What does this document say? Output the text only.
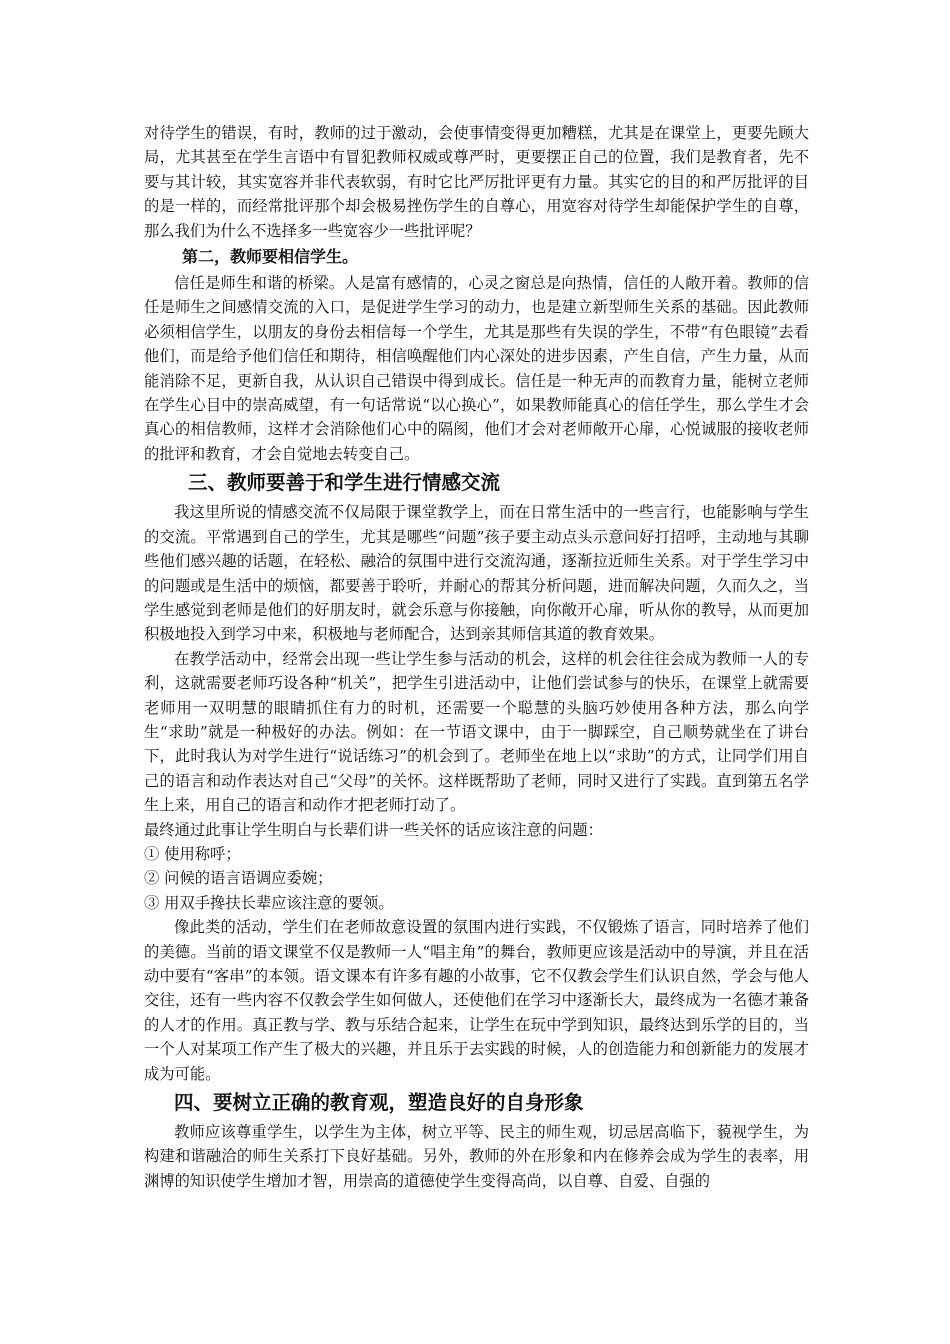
对待学生的错误，有时，教师的过于激动，会使事情变得更加糟糕，尤其是在课堂上，更要先顾大局，尤其甚至在学生言语中有冒犯教师权威或尊严时，更要摆正自己的位置，我们是教育者，先不要与其计较，其实宽容并非代表软弱，有时它比严厉批评更有力量。其实它的目的和严厉批评的目的是一样的，而经常批评那个却会极易挫伤学生的自尊心，用宽容对待学生却能保护学生的自尊，那么我们为什么不选择多一些宽容少一些批评呢？

第二，教师要相信学生。

信任是师生和谐的桥梁。人是富有感情的，心灵之窗总是向热情，信任的人敞开着。教师的信任是师生之间感情交流的入口，是促进学生学习的动力，也是建立新型师生关系的基础。因此教师必须相信学生，以朋友的身份去相信每一个学生，尤其是那些有失误的学生，不带“有色眼镜”去看他们，而是给予他们信任和期待，相信唤醒他们内心深处的进步因素，产生自信，产生力量，从而能消除不足，更新自我，从认识自己错误中得到成长。信任是一种无声的而教育力量，能树立老师在学生心目中的崇高威望，有一句话常说“以心换心”，如果教师能真心的信任学生，那么学生才会真心的相信教师，这样才会消除他们心中的隔阂，他们才会对老师敞开心扉，心悦诚服的接收老师的批评和教育，才会自觉地去转变自己。

三、教师要善于和学生进行情感交流

我这里所说的情感交流不仅局限于课堂教学上，而在日常生活中的一些言行，也能影响与学生的交流。平常遇到自己的学生，尤其是哪些“问题”孩子要主动点头示意问好打招呼，主动地与其聊些他们感兴趣的话题，在轻松、融洽的氛围中进行交流沟通，逐渐拉近师生关系。对于学生学习中的问题或是生活中的烦恼，都要善于聆听，并耐心的帮其分析问题，进而解决问题，久而久之，当学生感觉到老师是他们的好朋友时，就会乐意与你接触，向你敞开心扉，听从你的教导，从而更加积极地投入到学习中来，积极地与老师配合，达到亲其师信其道的教育效果。

在教学活动中，经常会出现一些让学生参与活动的机会，这样的机会往往会成为教师一人的专利，这就需要老师巧设各种“机关”，把学生引进活动中，让他们尝试参与的快乐，在课堂上就需要老师用一双明慧的眼睛抓住有力的时机，还需要一个聪慧的头脑巧妙使用各种方法，那么向学生“求助”就是一种极好的办法。例如：在一节语文课中，由于一脚踩空，自己顺势就坐在了讲台下，此时我认为对学生进行“说话练习”的机会到了。老师坐在地上以“求助”的方式，让同学们用自己的语言和动作表达对自己“父母”的关怀。这样既帮助了老师，同时又进行了实践。直到第五名学生上来，用自己的语言和动作才把老师打动了。

最终通过此事让学生明白与长辈们讲一些关怀的话应该注意的问题：

① 使用称呼；

② 问候的语言语调应委婉；

③ 用双手搀扶长辈应该注意的要领。

像此类的活动，学生们在老师故意设置的氛围内进行实践，不仅锻炼了语言，同时培养了他们的美德。当前的语文课堂不仅是教师一人“唱主角”的舞台，教师更应该是活动中的导演，并且在活动中要有“客串”的本领。语文课本有许多有趣的小故事，它不仅教会学生们认识自然，学会与他人交往，还有一些内容不仅教会学生如何做人，还使他们在学习中逐渐长大，最终成为一名德才兼备的人才的作用。真正教与学、教与乐结合起来，让学生在玩中学到知识，最终达到乐学的目的，当一个人对某项工作产生了极大的兴趣，并且乐于去实践的时候，人的创造能力和创新能力的发展才成为可能。

四、要树立正确的教育观，塑造良好的自身形象

教师应该尊重学生，以学生为主体，树立平等、民主的师生观，切忌居高临下，藐视学生，为构建和谐融洽的师生关系打下良好基础。另外，教师的外在形象和内在修养会成为学生的表率，用渊博的知识使学生增加才智，用崇高的道德使学生变得高尚，以自尊、自爱、自强的
